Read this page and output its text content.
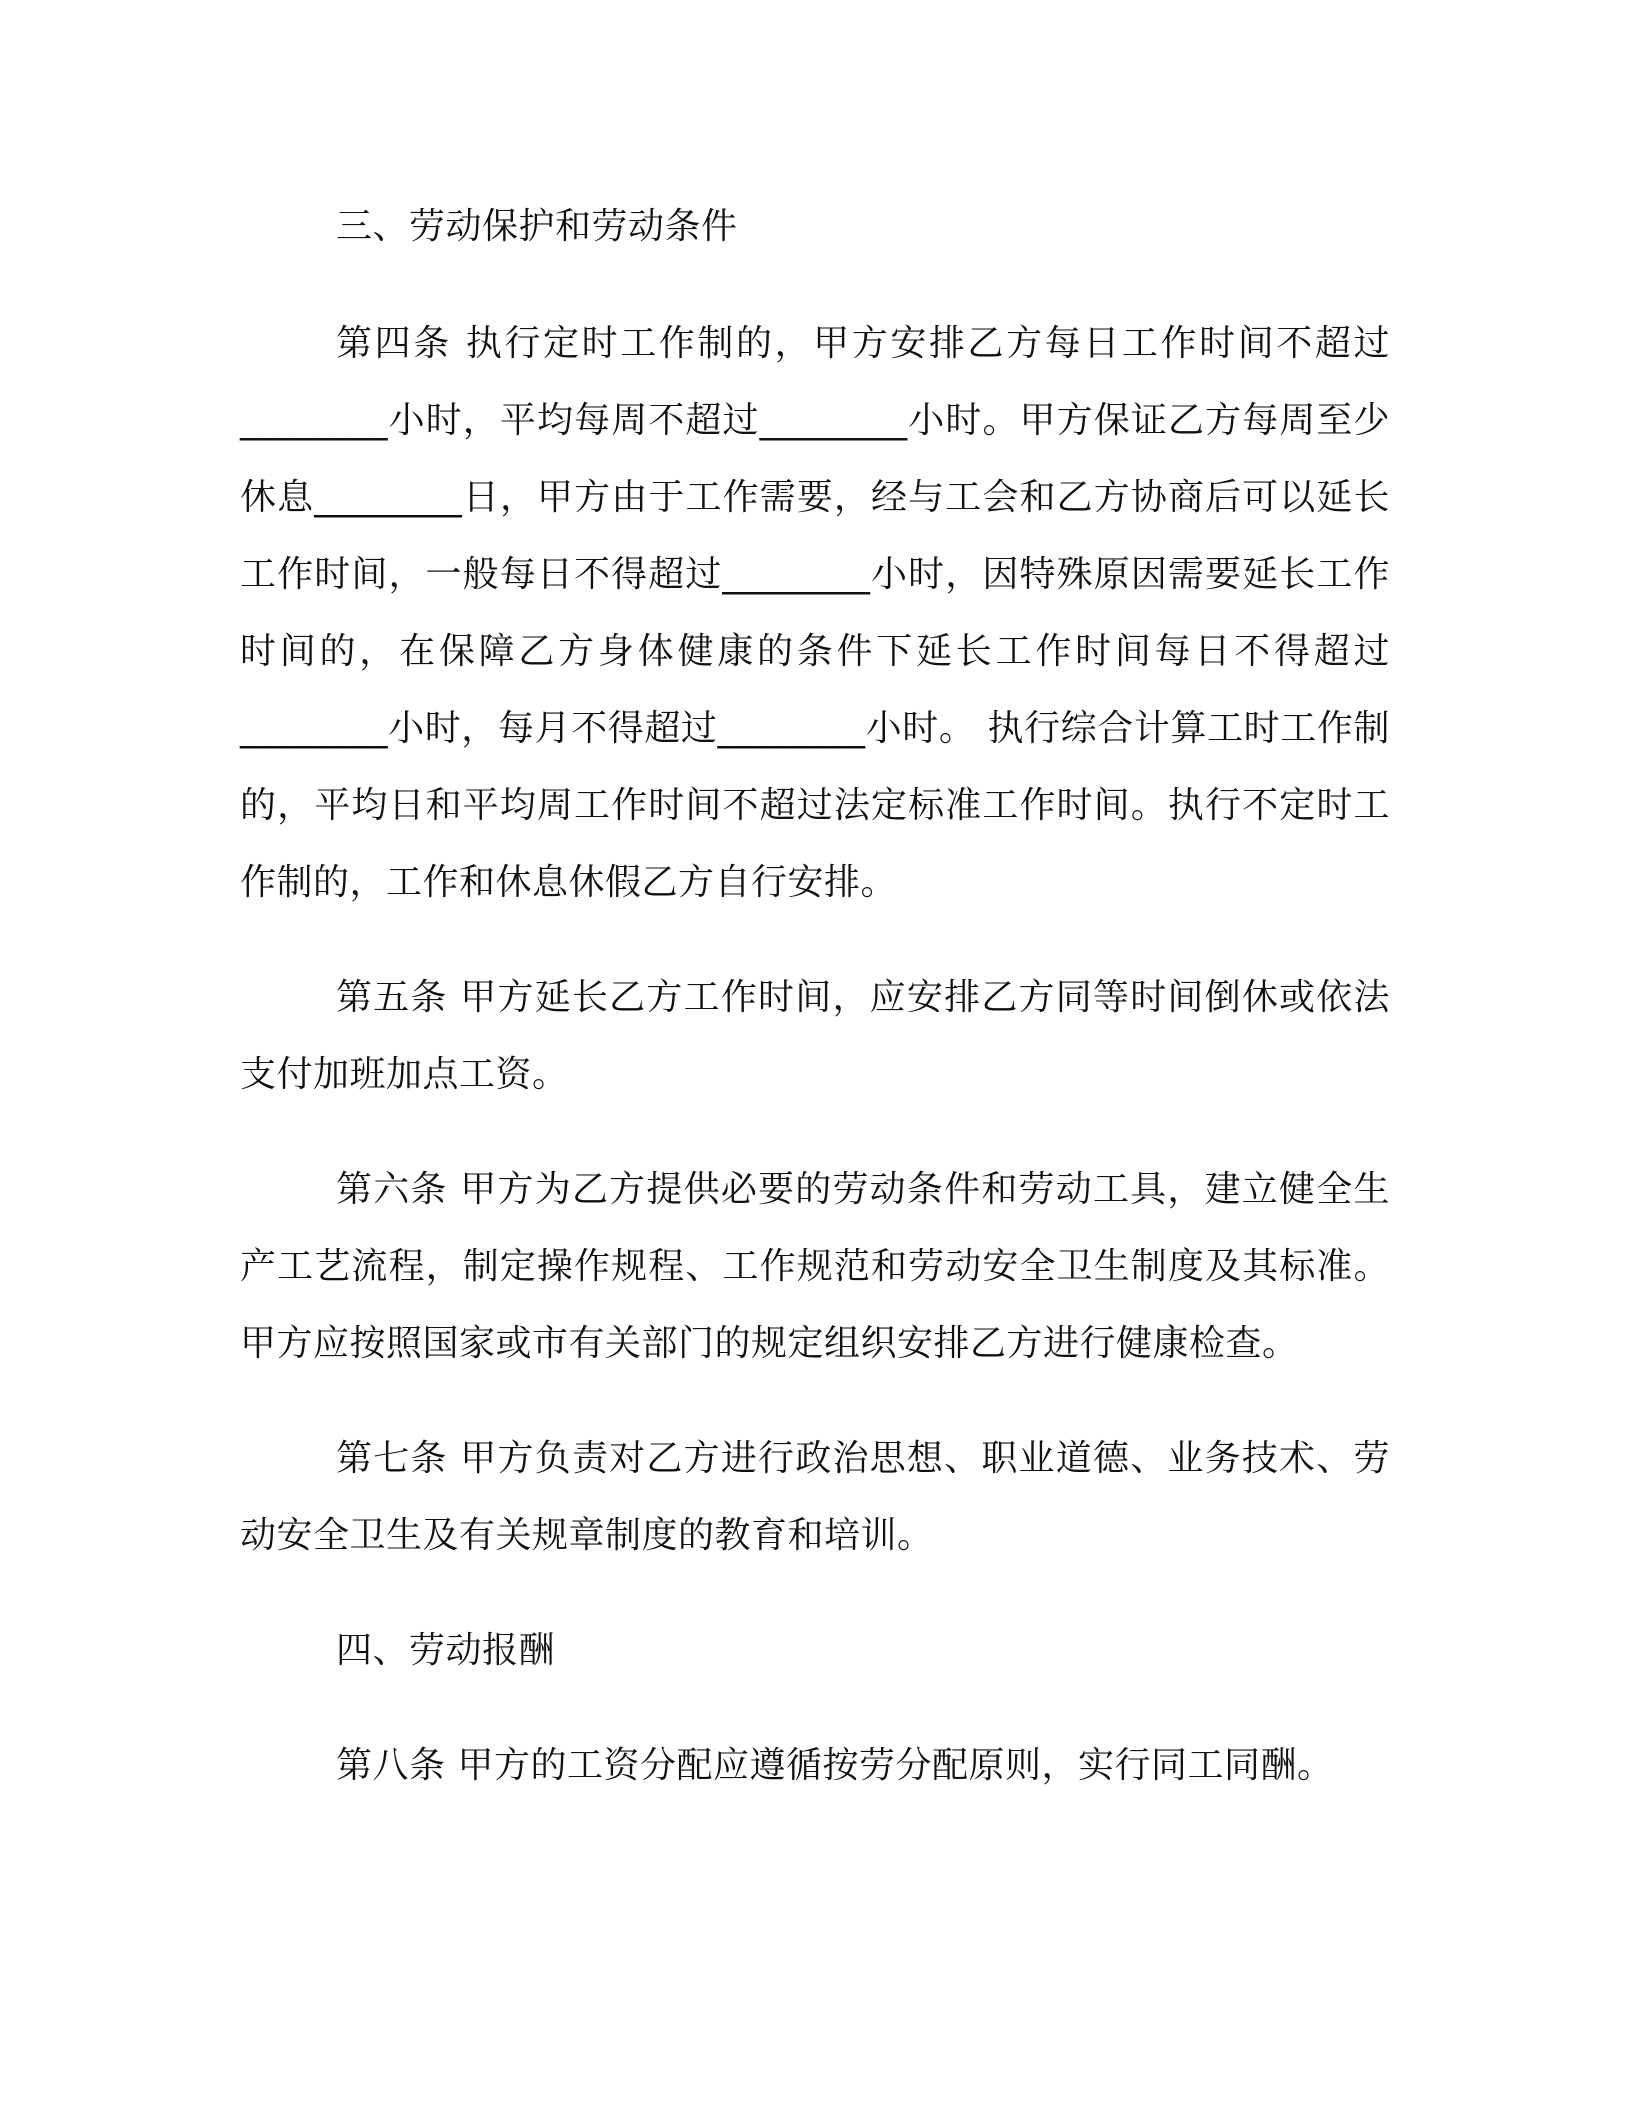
三、劳动保护和劳动条件

第四条 执行定时工作制的，甲方安排乙方每日工作时间不超过________小时，平均每周不超过________小时。甲方保证乙方每周至少休息________日，甲方由于工作需要，经与工会和乙方协商后可以延长工作时间，一般每日不得超过________小时，因特殊原因需要延长工作时间的，在保障乙方身体健康的条件下延长工作时间每日不得超过________小时，每月不得超过________小时。 执行综合计算工时工作制的，平均日和平均周工作时间不超过法定标准工作时间。执行不定时工作制的，工作和休息休假乙方自行安排。

第五条 甲方延长乙方工作时间，应安排乙方同等时间倒休或依法支付加班加点工资。

第六条 甲方为乙方提供必要的劳动条件和劳动工具，建立健全生产工艺流程，制定操作规程、工作规范和劳动安全卫生制度及其标准。甲方应按照国家或市有关部门的规定组织安排乙方进行健康检查。

第七条 甲方负责对乙方进行政治思想、职业道德、业务技术、劳动安全卫生及有关规章制度的教育和培训。

四、劳动报酬

第八条 甲方的工资分配应遵循按劳分配原则，实行同工同酬。
